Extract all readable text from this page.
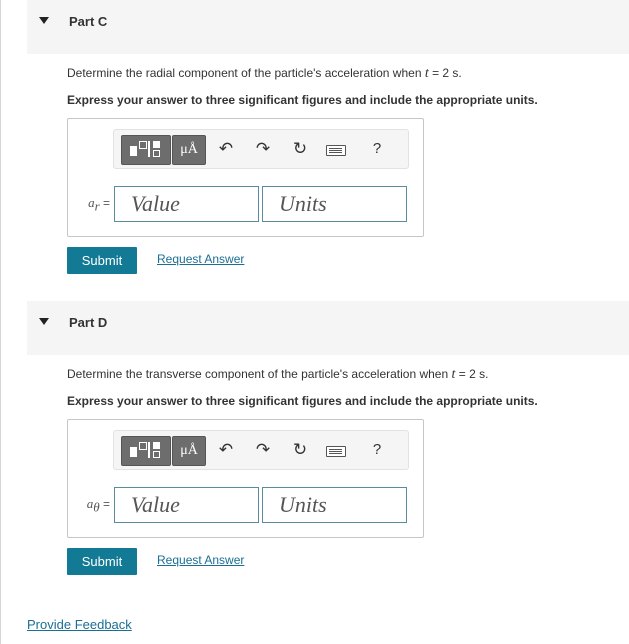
Part C
Determine the radial component of the particle's acceleration when t = 2 s.
Express your answer to three significant figures and include the appropriate units.
μÅ	↶ ↷ ↻	?
$a_r$ = Value	Units
Submit	Request Answer
Part D
Determine the transverse component of the particle's acceleration when t = 2 s.
Express your answer to three significant figures and include the appropriate units.
μÅ	↶ ↷ ↻	?
$a_\theta$ = Value	Units
Submit	Request Answer
Provide Feedback
